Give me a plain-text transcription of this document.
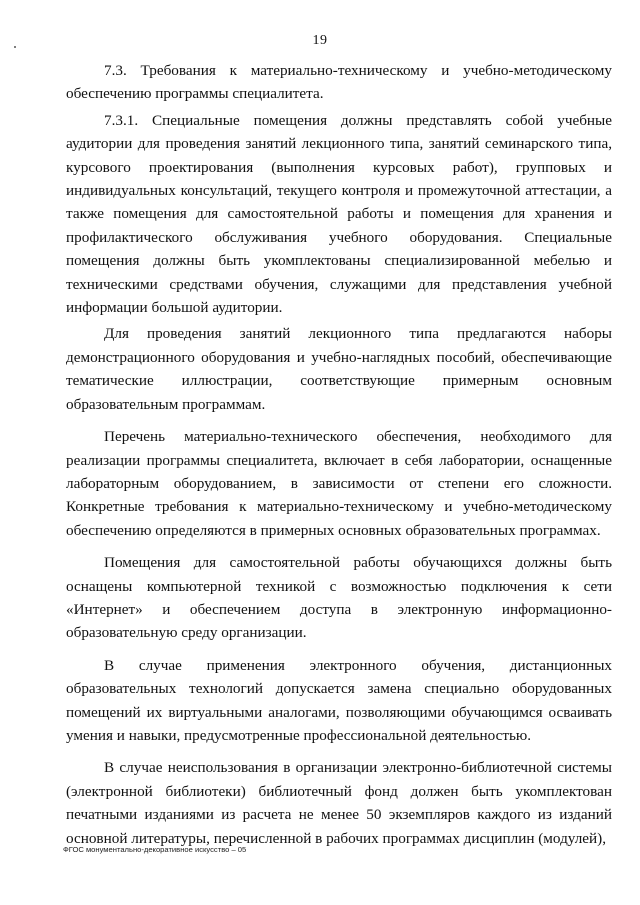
19

7.3. Требования к материально-техническому и учебно-методическому обеспечению программы специалитета.

7.3.1. Специальные помещения должны представлять собой учебные аудитории для проведения занятий лекционного типа, занятий семинарского типа, курсового проектирования (выполнения курсовых работ), групповых и индивидуальных консультаций, текущего контроля и промежуточной аттестации, а также помещения для самостоятельной работы и помещения для хранения и профилактического обслуживания учебного оборудования. Специальные помещения должны быть укомплектованы специализированной мебелью и техническими средствами обучения, служащими для представления учебной информации большой аудитории.

Для проведения занятий лекционного типа предлагаются наборы демонстрационного оборудования и учебно-наглядных пособий, обеспечивающие тематические иллюстрации, соответствующие примерным основным образовательным программам.

Перечень материально-технического обеспечения, необходимого для реализации программы специалитета, включает в себя лаборатории, оснащенные лабораторным оборудованием, в зависимости от степени его сложности. Конкретные требования к материально-техническому и учебно-методическому обеспечению определяются в примерных основных образовательных программах.

Помещения для самостоятельной работы обучающихся должны быть оснащены компьютерной техникой с возможностью подключения к сети «Интернет» и обеспечением доступа в электронную информационно-образовательную среду организации.

В случае применения электронного обучения, дистанционных образовательных технологий допускается замена специально оборудованных помещений их виртуальными аналогами, позволяющими обучающимся осваивать умения и навыки, предусмотренные профессиональной деятельностью.

В случае неиспользования в организации электронно-библиотечной системы (электронной библиотеки) библиотечный фонд должен быть укомплектован печатными изданиями из расчета не менее 50 экземпляров каждого из изданий основной литературы, перечисленной в рабочих программах дисциплин (модулей),

ФГОС монументально-декоративное искусство – 05
